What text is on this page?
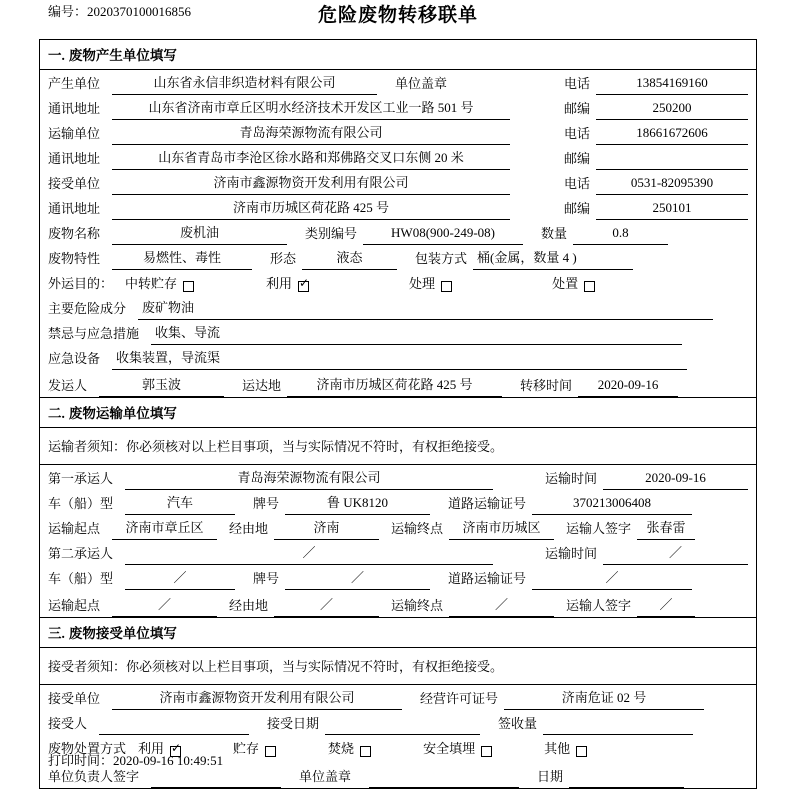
编号：2020370100016856	危险废物转移联单
一. 废物产生单位填写
产生单位	山东省永信非织造材料有限公司	单位盖章	电话	13854169160
通讯地址	山东省济南市章丘区明水经济技术开发区工业一路 501 号	邮编	250200
运输单位	青岛海荣源物流有限公司	电话	18661672606
通讯地址	山东省青岛市李沧区徐水路和郑佛路交叉口东侧 20 米	邮编
接受单位	济南市鑫源物资开发利用有限公司	电话	0531-82095390
通讯地址	济南市历城区荷花路 425 号	邮编	250101
废物名称	废机油	类别编号	HW08(900-249-08)	数量	0.8
废物特性	易燃性、毒性	形态	液态	包装方式 桶(金属，数量 4 )
外运目的： 中转贮存	利用 ✓	处理	处置
主要危险成分	废矿物油
禁忌与应急措施	收集、导流
应急设备	收集装置，导流渠
发运人	郭玉波	运达地	济南市历城区荷花路 425 号	转移时间	2020-09-16
二. 废物运输单位填写
运输者须知：你必须核对以上栏目事项，当与实际情况不符时，有权拒绝接受。
第一承运人	青岛海荣源物流有限公司	运输时间	2020-09-16
车（船）型	汽车	牌号	鲁 UK8120	道路运输证号	370213006408
运输起点	济南市章丘区	经由地	济南	运输终点	济南市历城区	运输人签字	张春雷
第二承运人	／	运输时间	／
车（船）型	／	牌号	／	道路运输证号	／
运输起点	／	经由地	／	运输终点	／	运输人签字	／
三. 废物接受单位填写
接受者须知：你必须核对以上栏目事项，当与实际情况不符时，有权拒绝接受。
接受单位	济南市鑫源物资开发利用有限公司	经营许可证号	济南危证 02 号
接受人	接受日期	签收量
废物处置方式 利用 ✓	贮存	焚烧	安全填埋	其他
单位负责人签字	单位盖章	日期
打印时间：2020-09-16 10:49:51
